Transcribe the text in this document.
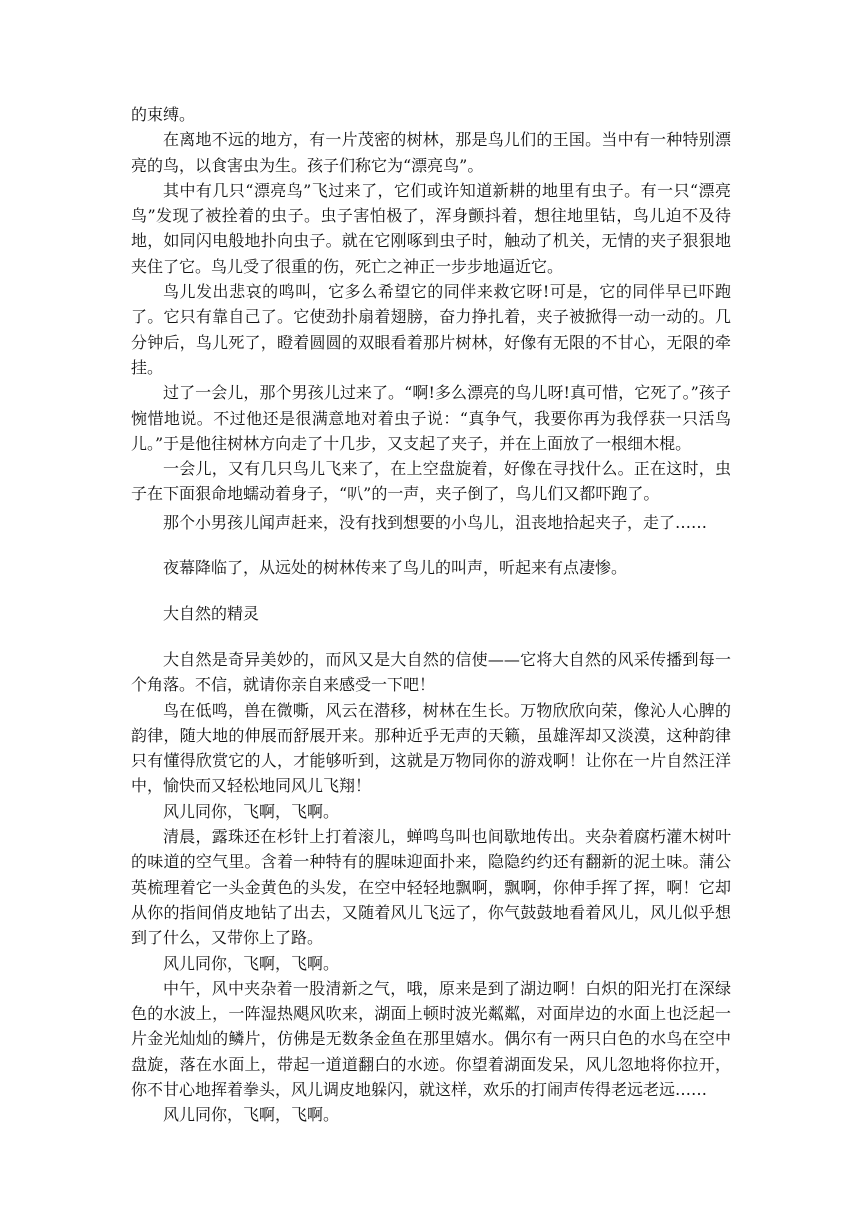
的束缚。

在离地不远的地方，有一片茂密的树林，那是鸟儿们的王国。当中有一种特别漂亮的鸟，以食害虫为生。孩子们称它为“漂亮鸟”。

其中有几只“漂亮鸟”飞过来了，它们或许知道新耕的地里有虫子。有一只“漂亮鸟”发现了被拴着的虫子。虫子害怕极了，浑身颤抖着，想往地里钻，鸟儿迫不及待地，如同闪电般地扑向虫子。就在它刚啄到虫子时，触动了机关，无情的夹子狠狠地夹住了它。鸟儿受了很重的伤，死亡之神正一步步地逼近它。

鸟儿发出悲哀的鸣叫，它多么希望它的同伴来救它呀!可是，它的同伴早已吓跑了。它只有靠自己了。它使劲扑扇着翅膀，奋力挣扎着，夹子被掀得一动一动的。几分钟后，鸟儿死了，瞪着圆圆的双眼看着那片树林，好像有无限的不甘心，无限的牵挂。

过了一会儿，那个男孩儿过来了。“啊!多么漂亮的鸟儿呀!真可惜，它死了。”孩子惋惜地说。不过他还是很满意地对着虫子说：“真争气，我要你再为我俘获一只活鸟儿。”于是他往树林方向走了十几步，又支起了夹子，并在上面放了一根细木棍。

一会儿，又有几只鸟儿飞来了，在上空盘旋着，好像在寻找什么。正在这时，虫子在下面狠命地蠕动着身子，“叭”的一声，夹子倒了，鸟儿们又都吓跑了。

那个小男孩儿闻声赶来，没有找到想要的小鸟儿，沮丧地拾起夹子，走了……

夜幕降临了，从远处的树林传来了鸟儿的叫声，听起来有点凄惨。

大自然的精灵

大自然是奇异美妙的，而风又是大自然的信使——它将大自然的风采传播到每一个角落。不信，就请你亲自来感受一下吧！

鸟在低鸣，兽在微嘶，风云在潜移，树林在生长。万物欣欣向荣，像沁人心脾的韵律，随大地的伸展而舒展开来。那种近乎无声的天籁，虽雄浑却又淡漠，这种韵律只有懂得欣赏它的人，才能够听到，这就是万物同你的游戏啊！让你在一片自然汪洋中，愉快而又轻松地同风儿飞翔！

风儿同你，飞啊，飞啊。

清晨，露珠还在杉针上打着滚儿，蝉鸣鸟叫也间歇地传出。夹杂着腐朽灌木树叶的味道的空气里。含着一种特有的腥味迎面扑来，隐隐约约还有翻新的泥土味。蒲公英梳理着它一头金黄色的头发，在空中轻轻地飘啊，飘啊，你伸手挥了挥，啊！它却从你的指间俏皮地钻了出去，又随着风儿飞远了，你气鼓鼓地看着风儿，风儿似乎想到了什么，又带你上了路。

风儿同你，飞啊，飞啊。

中午，风中夹杂着一股清新之气，哦，原来是到了湖边啊！白炽的阳光打在深绿色的水波上，一阵湿热飓风吹来，湖面上顿时波光粼粼，对面岸边的水面上也泛起一片金光灿灿的鳞片，仿佛是无数条金鱼在那里嬉水。偶尔有一两只白色的水鸟在空中盘旋，落在水面上，带起一道道翻白的水迹。你望着湖面发呆，风儿忽地将你拉开，你不甘心地挥着拳头，风儿调皮地躲闪，就这样，欢乐的打闹声传得老远老远……

风儿同你，飞啊，飞啊。
